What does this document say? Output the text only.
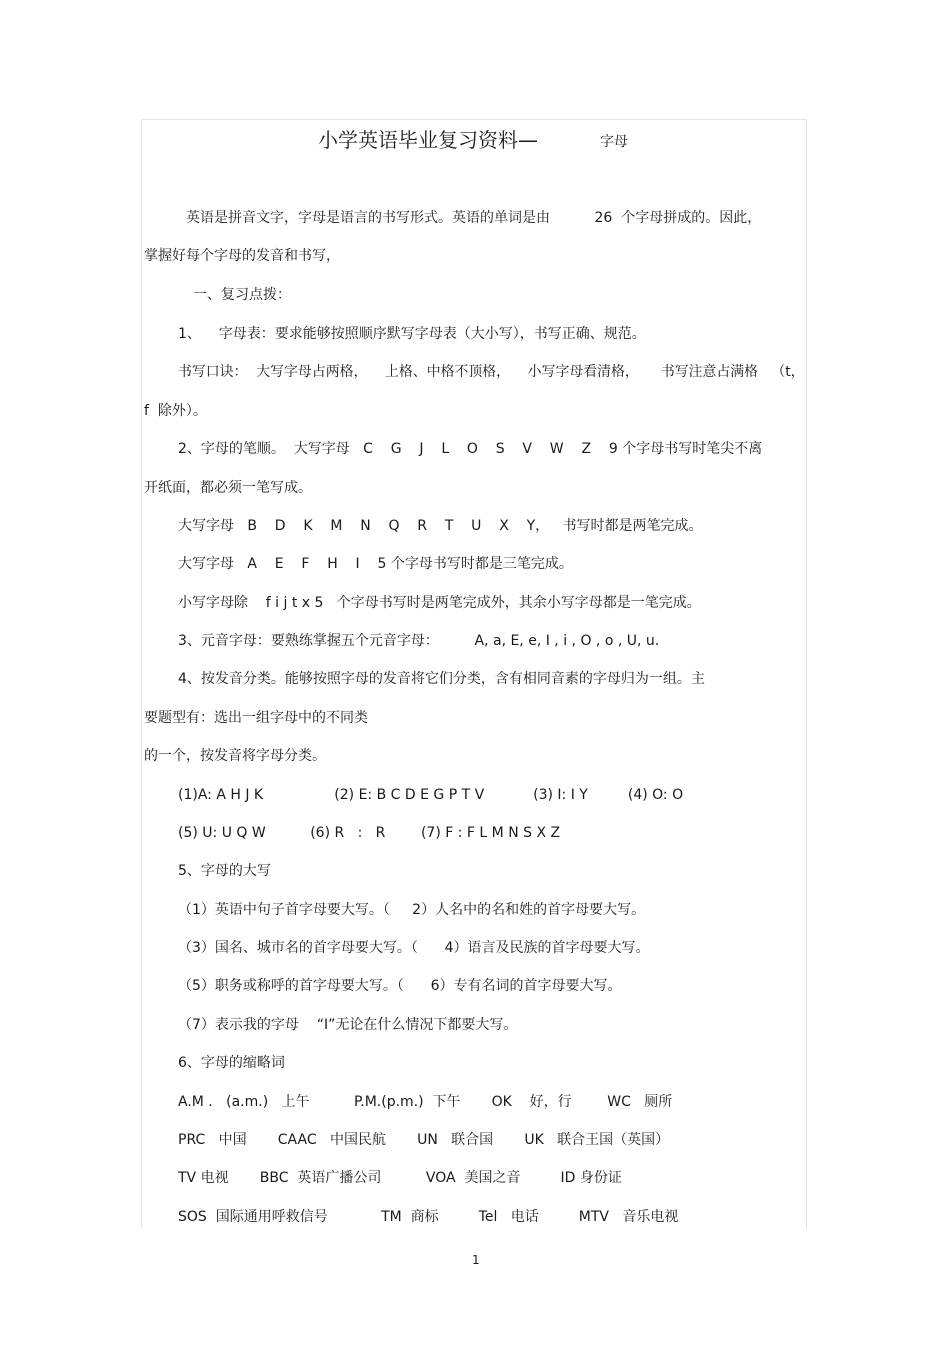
小学英语毕业复习资料—	字母
英语是拼音文字，字母是语言的书写形式。英语的单词是由          26  个字母拼成的。因此，
掌握好每个字母的发音和书写，
一、复习点拨：
1、    字母表：要求能够按照顺序默写字母表（大小写），书写正确、规范。
书写口诀：  大写字母占两格，    上格、中格不顶格，    小写字母看清格，     书写注意占满格   （t，
f  除外）。
2、字母的笔顺。  大写字母   C    G    J    L    O    S    V    W    Z    9 个字母书写时笔尖不离
开纸面，都必须一笔写成。
大写字母   B    D    K    M    N    Q    R    T    U    X    Y，   书写时都是两笔完成。
大写字母   A    E    F    H    I    5 个字母书写时都是三笔完成。
小写字母除    f i j t x 5   个字母书写时是两笔完成外，其余小写字母都是一笔完成。
3、元音字母：要熟练掌握五个元音字母：        A, a, E, e, I , i , O , o , U, u.
4、按发音分类。能够按照字母的发音将它们分类，含有相同音素的字母归为一组。主
要题型有：选出一组字母中的不同类
的一个，按发音将字母分类。
(1)A: A H J K                (2) E: B C D E G P T V           (3) I: I Y         (4) O: O
(5) U: U Q W          (6) R   :   R        (7) F : F L M N S X Z
5、字母的大写
（1）英语中句子首字母要大写。（     2）人名中的名和姓的首字母要大写。
（3）国名、城市名的首字母要大写。（      4）语言及民族的首字母要大写。
（5）职务或称呼的首字母要大写。（      6）专有名词的首字母要大写。
（7）表示我的字母    “I”无论在什么情况下都要大写。
6、字母的缩略词
A.M .   (a.m.)   上午          P.M.(p.m.)  下午       OK    好，行        WC   厕所
PRC   中国       CAAC   中国民航       UN   联合国       UK   联合王国（英国）
TV 电视       BBC  英语广播公司          VOA  美国之音         ID 身份证
SOS  国际通用呼救信号            TM  商标         Tel   电话         MTV   音乐电视
1
